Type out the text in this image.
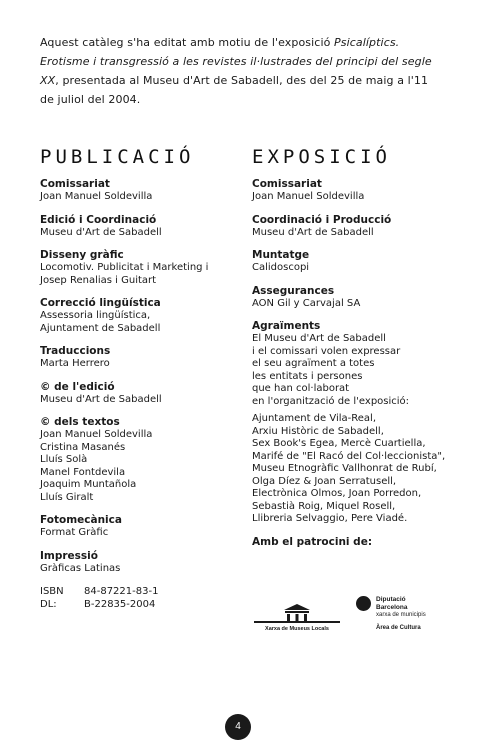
Aquest catàleg s'ha editat amb motiu de l'exposició Psicalíptics. Erotisme i transgressió a les revistes il·lustrades del principi del segle XX, presentada al Museu d'Art de Sabadell, des del 25 de maig a l'11 de juliol del 2004.
PUBLICACIÓ
Comissariat
Joan Manuel Soldevilla
Edició i Coordinació
Museu d'Art de Sabadell
Disseny gràfic
Locomotiv. Publicitat i Marketing i
Josep Renalias i Guitart
Correcció lingüística
Assessoria lingüística,
Ajuntament de Sabadell
Traduccions
Marta Herrero
© de l'edició
Museu d'Art de Sabadell
© dels textos
Joan Manuel Soldevilla
Cristina Masanés
Lluís Solà
Manel Fontdevila
Joaquim Muntañola
Lluís Giralt
Fotomecànica
Format Gràfic
Impressió
Gràficas Latinas
ISBN	84-87221-83-1
DL:	B-22835-2004
EXPOSICIÓ
Comissariat
Joan Manuel Soldevilla
Coordinació i Producció
Museu d'Art de Sabadell
Muntatge
Calidoscopi
Assegurances
AON Gil y Carvajal SA
Agraïments
El Museu d'Art de Sabadell
i el comissari volen expressar
el seu agraïment a totes
les entitats i persones
que han col·laborat
en l'organització de l'exposició:
Ajuntament de Vila-Real,
Arxiu Històric de Sabadell,
Sex Book's Egea, Mercè Cuartiella,
Marifé de "El Racó del Col·leccionista",
Museu Etnogràfic Vallhonrat de Rubí,
Olga Díez & Joan Serratusell,
Electrònica Olmos, Joan Porredon,
Sebastià Roig, Miquel Rosell,
Llibreria Selvaggio, Pere Viadé.
Amb el patrocini de:
Xarxa de Museus Locals
Diputació
Barcelona
xarxa de municipis
Àrea de Cultura
4
